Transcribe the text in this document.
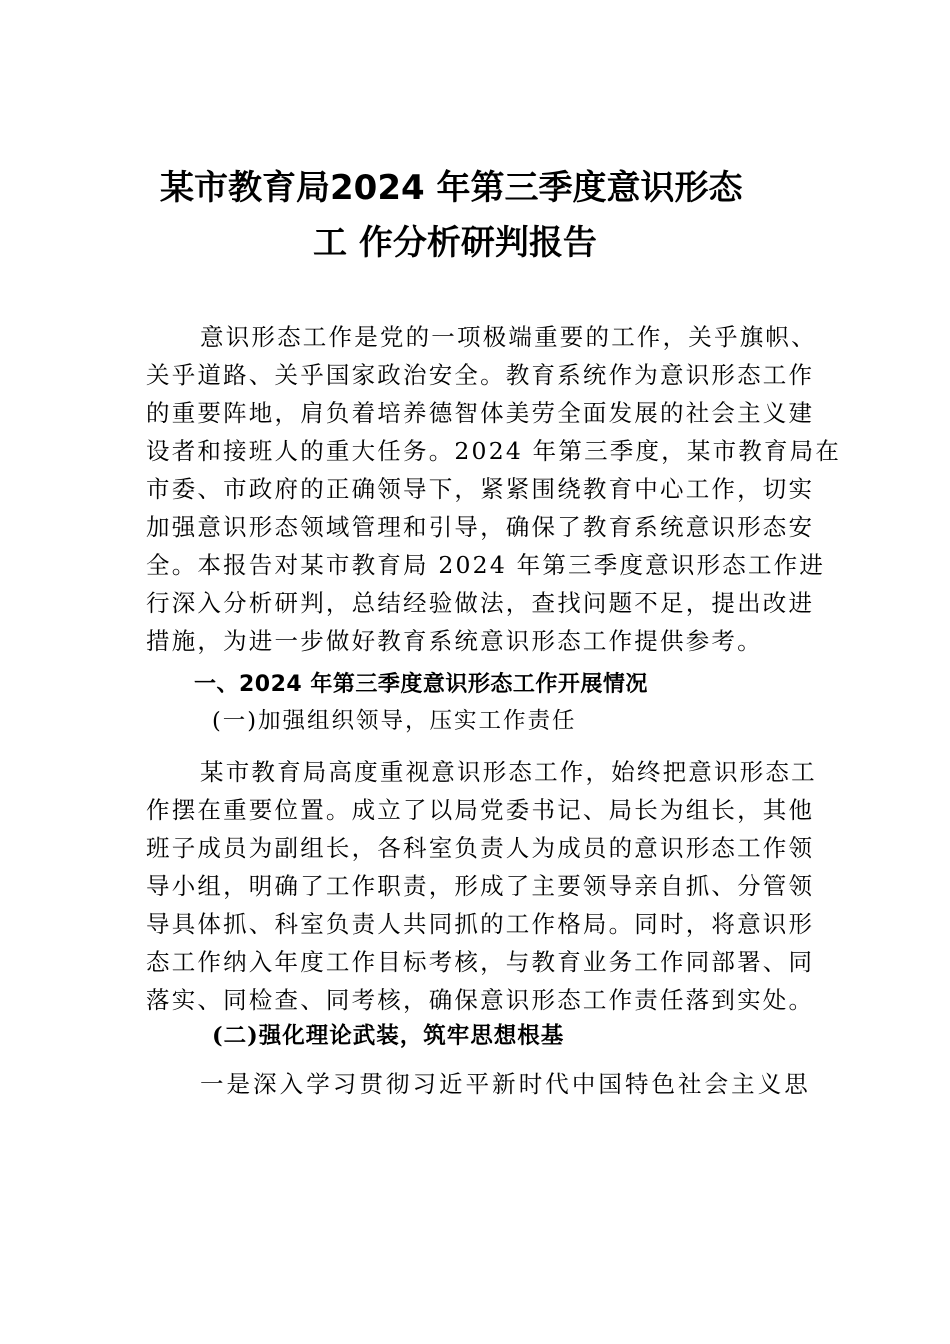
某市教育局2024 年第三季度意识形态
工 作分析研判报告
意识形态工作是党的一项极端重要的工作，关乎旗帜、
关乎道路、关乎国家政治安全。教育系统作为意识形态工作
的重要阵地，肩负着培养德智体美劳全面发展的社会主义建
设者和接班人的重大任务。2024 年第三季度，某市教育局在
市委、市政府的正确领导下，紧紧围绕教育中心工作，切实
加强意识形态领域管理和引导，确保了教育系统意识形态安
全。本报告对某市教育局 2024 年第三季度意识形态工作进
行深入分析研判，总结经验做法，查找问题不足，提出改进
措施，为进一步做好教育系统意识形态工作提供参考。
一、2024 年第三季度意识形态工作开展情况
(一)加强组织领导，压实工作责任
某市教育局高度重视意识形态工作，始终把意识形态工
作摆在重要位置。成立了以局党委书记、局长为组长，其他
班子成员为副组长，各科室负责人为成员的意识形态工作领
导小组，明确了工作职责，形成了主要领导亲自抓、分管领
导具体抓、科室负责人共同抓的工作格局。同时，将意识形
态工作纳入年度工作目标考核，与教育业务工作同部署、同
落实、同检查、同考核，确保意识形态工作责任落到实处。
(二)强化理论武装，筑牢思想根基
一是深入学习贯彻习近平新时代中国特色社会主义思
